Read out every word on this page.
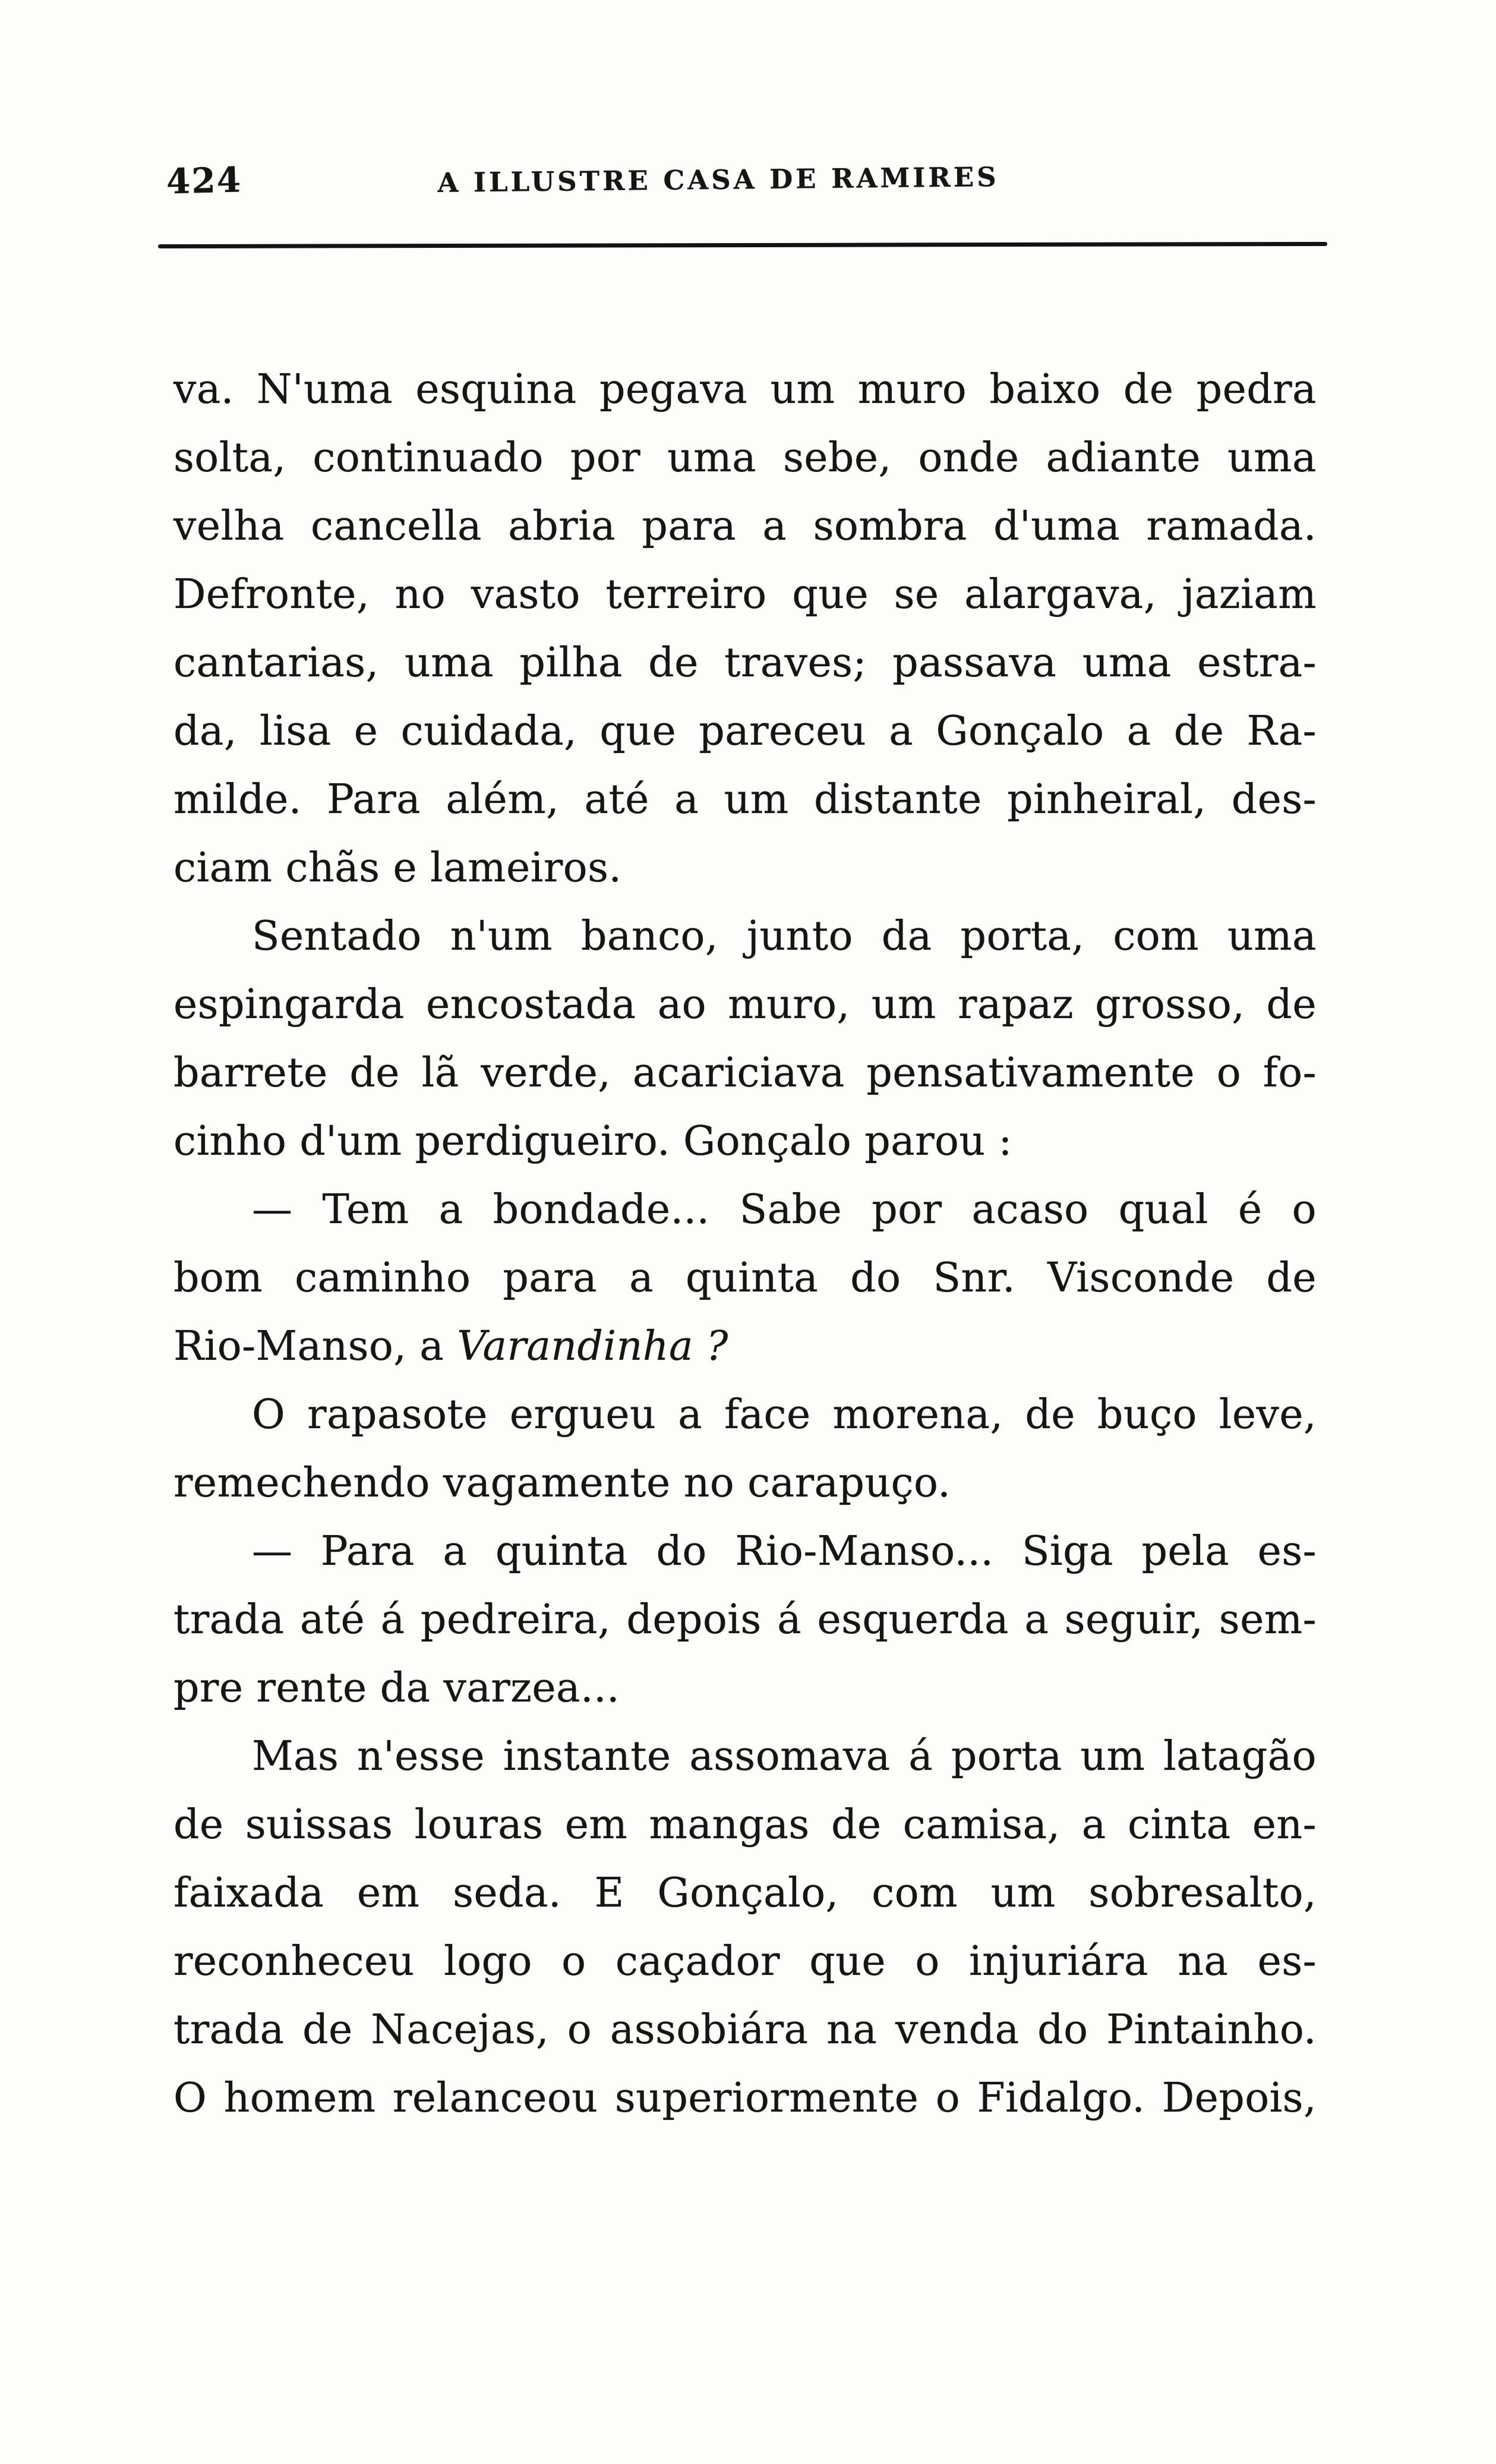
424	A ILLUSTRE CASA DE RAMIRES
va. N'uma esquina pegava um muro baixo de pedra
solta, continuado por uma sebe, onde adiante uma
velha cancella abria para a sombra d'uma ramada.
Defronte, no vasto terreiro que se alargava, jaziam
cantarias, uma pilha de traves; passava uma estra-
da, lisa e cuidada, que pareceu a Gonçalo a de Ra-
milde. Para além, até a um distante pinheiral, des-
ciam chãs e lameiros.
Sentado n'um banco, junto da porta, com uma
espingarda encostada ao muro, um rapaz grosso, de
barrete de lã verde, acariciava pensativamente o fo-
cinho d'um perdigueiro. Gonçalo parou :
— Tem a bondade... Sabe por acaso qual é o
bom caminho para a quinta do Snr. Visconde de
Rio-Manso, a Varandinha ?
O rapasote ergueu a face morena, de buço leve,
remechendo vagamente no carapuço.
— Para a quinta do Rio-Manso... Siga pela es-
trada até á pedreira, depois á esquerda a seguir, sem-
pre rente da varzea...
Mas n'esse instante assomava á porta um latagão
de suissas louras em mangas de camisa, a cinta en-
faixada em seda. E Gonçalo, com um sobresalto,
reconheceu logo o caçador que o injuriára na es-
trada de Nacejas, o assobiára na venda do Pintainho.
O homem relanceou superiormente o Fidalgo. Depois,
